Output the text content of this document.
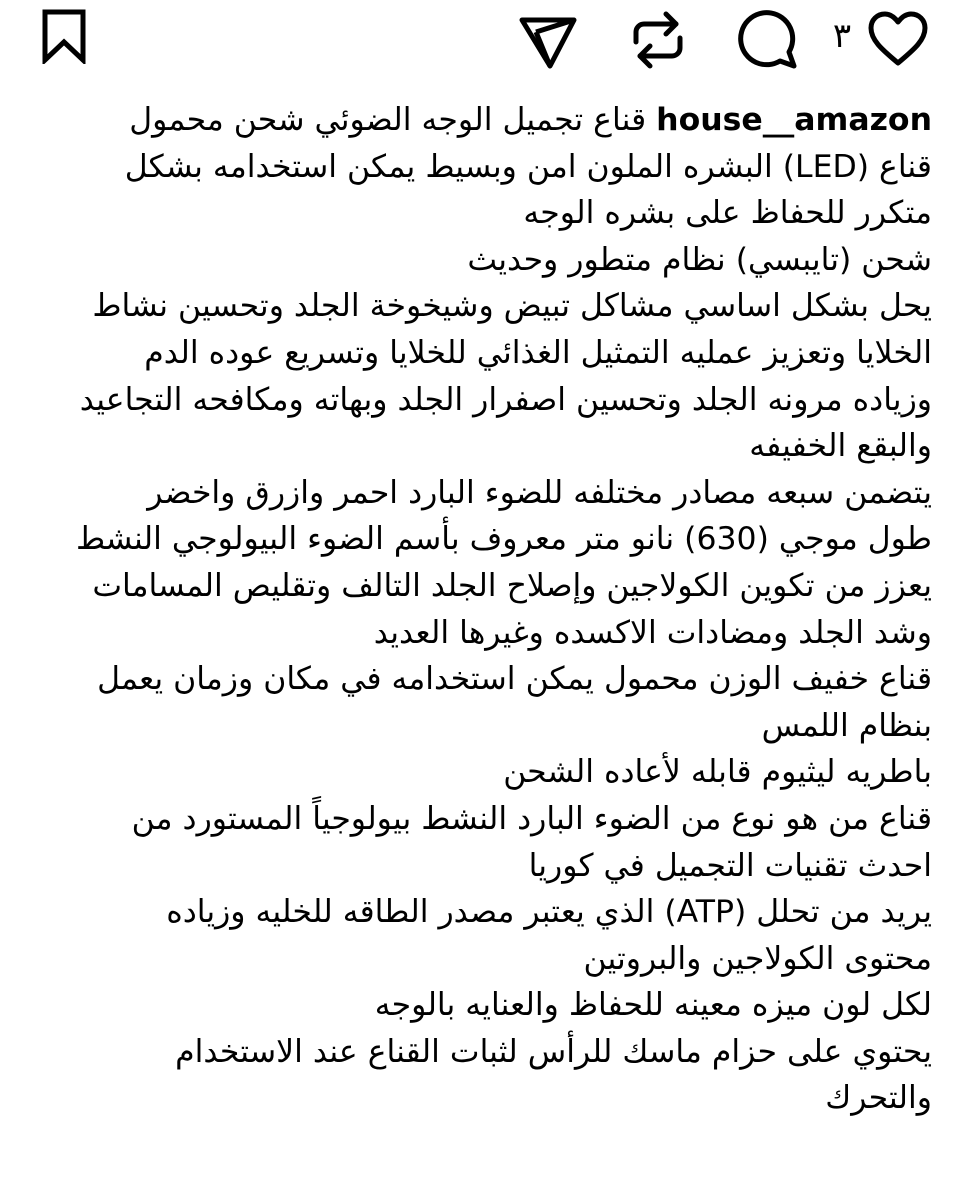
٣
house__amazon قناع تجميل الوجه الضوئي شحن محمول
قناع (LED) البشره الملون امن وبسيط يمكن استخدامه بشكل
متكرر للحفاظ على بشره الوجه
شحن (تايبسي) نظام متطور وحديث
يحل بشكل اساسي مشاكل تبيض وشيخوخة الجلد وتحسين نشاط
الخلايا وتعزيز عمليه التمثيل الغذائي للخلايا وتسريع عوده الدم
وزياده مرونه الجلد وتحسين اصفرار الجلد وبهاته ومكافحه التجاعيد
والبقع الخفيفه
يتضمن سبعه مصادر مختلفه للضوء البارد احمر وازرق واخضر
طول موجي (630) نانو متر معروف بأسم الضوء البيولوجي النشط
يعزز من تكوين الكولاجين وإصلاح الجلد التالف وتقليص المسامات
وشد الجلد ومضادات الاكسده وغيرها العديد
قناع خفيف الوزن محمول يمكن استخدامه في مكان وزمان يعمل
بنظام اللمس
باطريه ليثيوم قابله لأعاده الشحن
قناع من هو نوع من الضوء البارد النشط بيولوجياً المستورد من
احدث تقنيات التجميل في كوريا
يريد من تحلل (ATP) الذي يعتبر مصدر الطاقه للخليه وزياده
محتوى الكولاجين والبروتين
لكل لون ميزه معينه للحفاظ والعنايه بالوجه
يحتوي على حزام ماسك للرأس لثبات القناع عند الاستخدام
والتحرك
